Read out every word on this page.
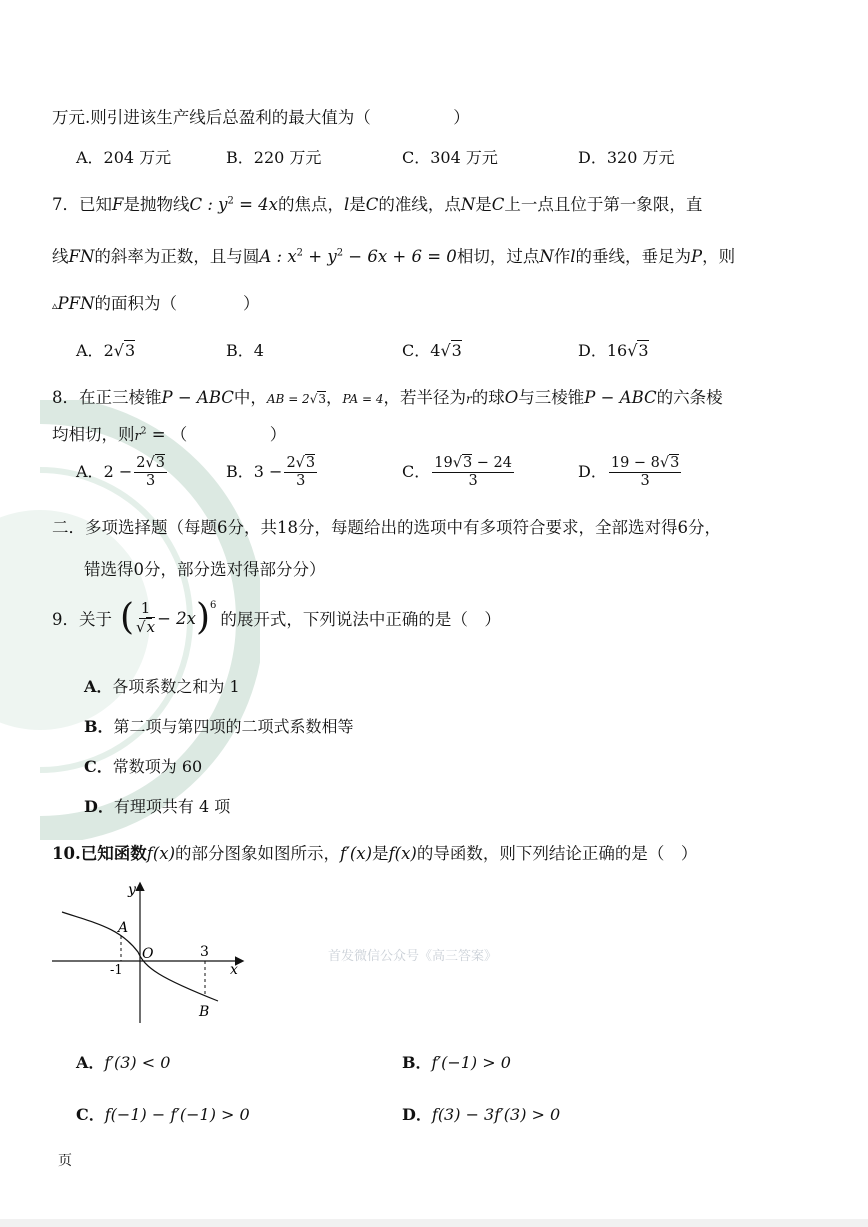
万元.则引进该生产线后总盈利的最大值为（　　　　　）
A．204 万元	B．220 万元	C．304 万元	D．320 万元
7．已知F是抛物线C : $y^2 = 4x$的焦点，l是C的准线，点N是C上一点且位于第一象限，直
线FN的斜率为正数，且与圆A : $x^2 + y^2 - 6x + 6 = 0$相切，过点N作l的垂线，垂足为P，则
▵PFN的面积为（　　　　）
A．2√3	B．4	C．4√3	D．16√3
8．在正三棱锥P − ABC中，AB = 2√3，PA = 4，若半径为r的球O与三棱锥P − ABC的六条棱
均相切，则$r^2$ = （　　　　　）
A．$2 - \frac{2√3}{3}$	B．$3 - \frac{2√3}{3}$	C． $\frac{19√3 - 24}{3}$	D． $\frac{19 - 8√3}{3}$
二．多项选择题（每题6分，共18分，每题给出的选项中有多项符合要求，全部选对得6分，
错选得0分，部分选对得部分分）
9．关于 ( $\frac{1}{√x} - 2x$ )$^6$
的展开式，下列说法中正确的是（　）
A．各项系数之和为 1
B．第二项与第四项的二项式系数相等
C．常数项为 60
D．有理项共有 4 项
10.已知函数f(x)的部分图象如图所示，f′(x)是f(x)的导函数，则下列结论正确的是（　）
y
x
O
A
B
-1
3	首发微信公众号《高三答案》
A．f′(3) < 0	B．f′(−1) > 0
C．f(−1) − f′(−1) > 0	D．f(3) − 3f′(3) > 0
页
